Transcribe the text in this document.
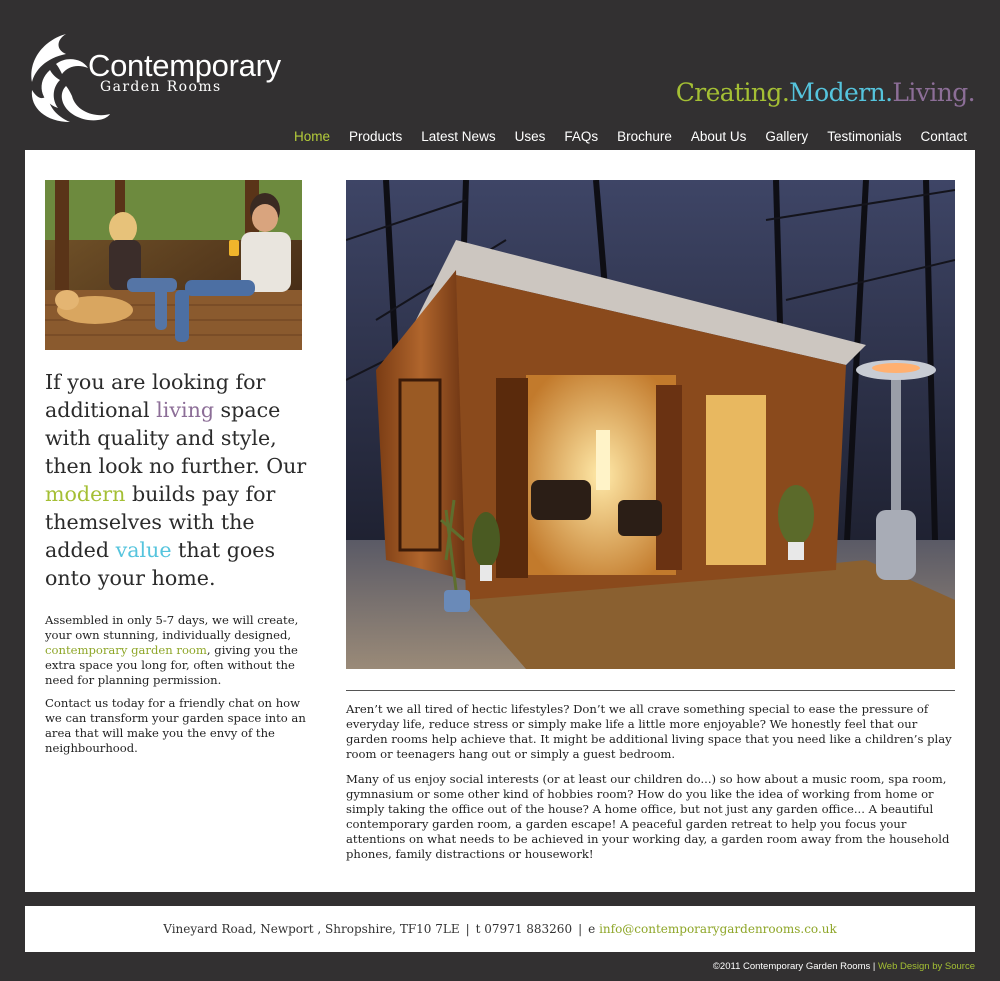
Contemporary
Garden Rooms	Creating.Modern.Living.
Home Products Latest News Uses FAQs Brochure About Us Gallery Testimonials Contact
If you are looking for additional living space with quality and style, then look no further. Our modern builds pay for themselves with the added value that goes onto your home.

Assembled in only 5-7 days, we will create, your own stunning, individually designed, contemporary garden room, giving you the extra space you long for, often without the need for planning permission.

Contact us today for a friendly chat on how we can transform your garden space into an area that will make you the envy of the neighbourhood.

Aren’t we all tired of hectic lifestyles? Don’t we all crave something special to ease the pressure of everyday life, reduce stress or simply make life a little more enjoyable? We honestly feel that our garden rooms help achieve that. It might be additional living space that you need like a children’s play room or teenagers hang out or simply a guest bedroom.

Many of us enjoy social interests (or at least our children do...) so how about a music room, spa room, gymnasium or some other kind of hobbies room? How do you like the idea of working from home or simply taking the office out of the house? A home office, but not just any garden office... A beautiful contemporary garden room, a garden escape! A peaceful garden retreat to help you focus your attentions on what needs to be achieved in your working day, a garden room away from the household phones, family distractions or housework!

Vineyard Road, Newport , Shropshire, TF10 7LE | t 07971 883260 | e
info@contemporarygardenrooms.co.uk
©2011 Contemporary Garden Rooms | Web Design by Source
